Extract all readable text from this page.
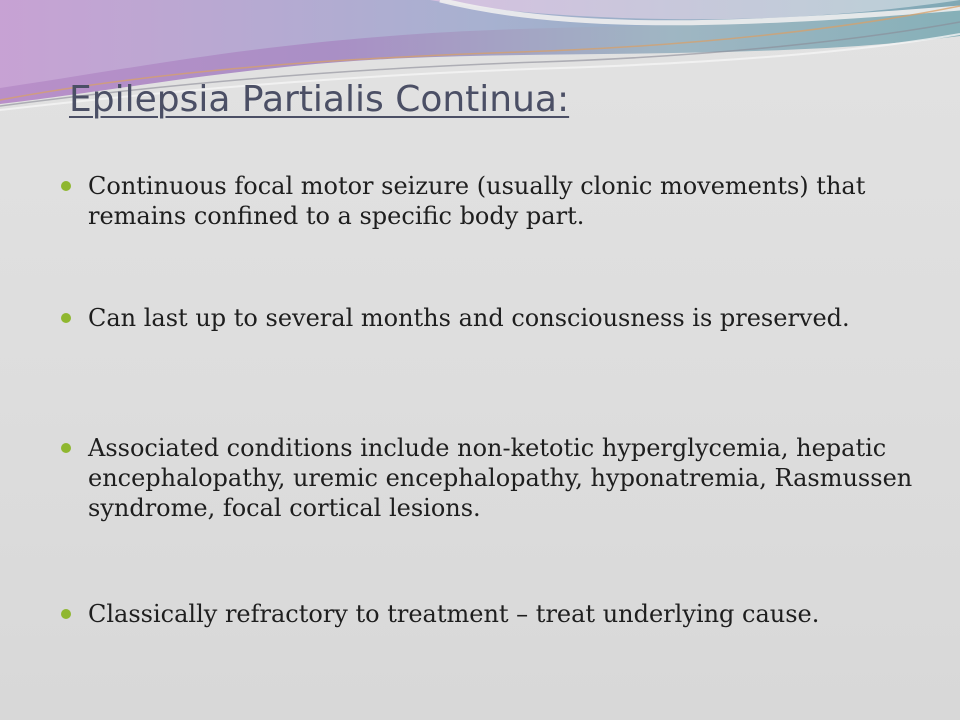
Epilepsia Partialis Continua:
Continuous focal motor seizure (usually clonic movements) that remains confined to a specific body part.
Can last up to several months and consciousness is preserved.
Associated conditions include non-ketotic hyperglycemia, hepatic encephalopathy, uremic encephalopathy, hyponatremia, Rasmussen syndrome, focal cortical lesions.
Classically refractory to treatment – treat underlying cause.
